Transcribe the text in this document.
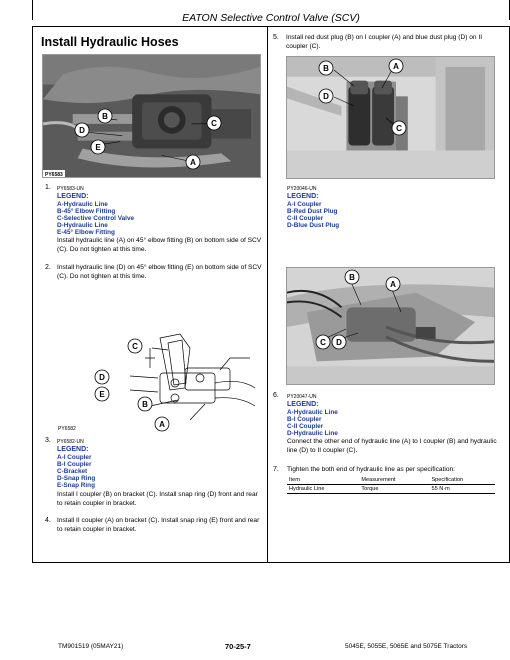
EATON Selective Control Valve (SCV)
Install Hydraulic Hoses
B
D
E
C
A
PY6583
1. PY6583-UN
LEGEND:
A-Hydraulic Line
B-45° Elbow Fitting
C-Selective Control Valve
D-Hydraulic Line
E-45° Elbow Fitting
Install hydraulic line (A) on 45° elbow fitting (B) on bottom side of SCV (C). Do not tighten at this time.
2. Install hydraulic line (D) on 45° elbow fitting (E) on bottom side of SCV (C). Do not tighten at this time.
C
D
E
B
A
PY6582
3. PY6582-UN
LEGEND:
A-I Coupler
B-I Coupler
C-Bracket
D-Snap Ring
E-Snap Ring
Install I coupler (B) on bracket (C). Install snap ring (D) front and rear to retain coupler in bracket.
4. Install II coupler (A) on bracket (C). Install snap ring (E) front and rear to retain coupler in bracket.
5. Install red dust plug (B) on I coupler (A) and blue dust plug (D) on II coupler (C).
B	A
D
C
PY20046-UN
LEGEND:
A-I Coupler
B-Red Dust Plug
C-II Coupler
D-Blue Dust Plug
B
A
C D
6. PY20047-UN
LEGEND:
A-Hydraulic Line
B-I Coupler
C-II Coupler
D-Hydraulic Line
Connect the other end of hydraulic line (A) to I coupler (B) and hydraulic line (D) to II coupler (C).
7. Tighten the both end of hydraulic line as per specification:
Item	Measurement	Specification
Hydraulic Line	Torque	55 N·m
TM901519 (05MAY21)	70-25-7	5045E, 5055E, 5065E and 5075E Tractors
